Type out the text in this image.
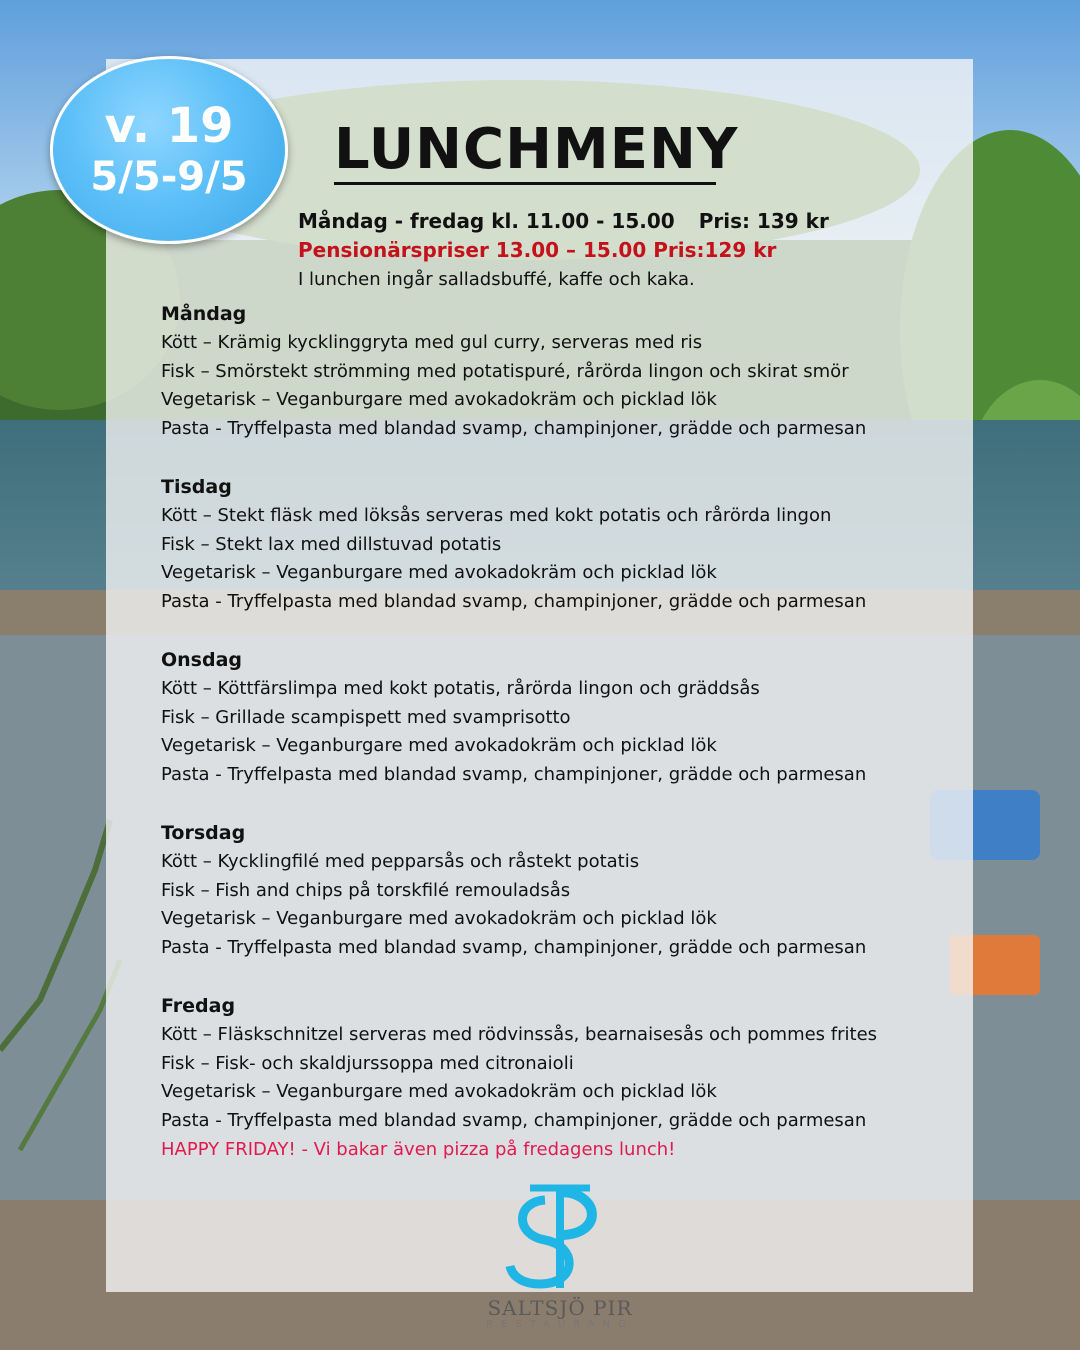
v. 19
5/5-9/5 LUNCHMENY
Måndag - fredag kl. 11.00 - 15.00 Pris: 139 kr
Pensionärspriser 13.00 – 15.00 Pris:129 kr
I lunchen ingår salladsbuffé, kaffe och kaka.
Måndag
Kött – Krämig kycklinggryta med gul curry, serveras med ris
Fisk – Smörstekt strömming med potatispuré, rårörda lingon och skirat smör
Vegetarisk – Veganburgare med avokadokräm och picklad lök
Pasta - Tryffelpasta med blandad svamp, champinjoner, grädde och parmesan
Tisdag
Kött – Stekt fläsk med löksås serveras med kokt potatis och rårörda lingon
Fisk – Stekt lax med dillstuvad potatis
Vegetarisk – Veganburgare med avokadokräm och picklad lök
Pasta - Tryffelpasta med blandad svamp, champinjoner, grädde och parmesan
Onsdag
Kött – Köttfärslimpa med kokt potatis, rårörda lingon och gräddsås
Fisk – Grillade scampispett med svamprisotto
Vegetarisk – Veganburgare med avokadokräm och picklad lök
Pasta - Tryffelpasta med blandad svamp, champinjoner, grädde och parmesan
Torsdag
Kött – Kycklingfilé med pepparsås och råstekt potatis
Fisk – Fish and chips på torskfilé remouladsås
Vegetarisk – Veganburgare med avokadokräm och picklad lök
Pasta - Tryffelpasta med blandad svamp, champinjoner, grädde och parmesan
Fredag
Kött – Fläskschnitzel serveras med rödvinssås, bearnaisesås och pommes frites
Fisk – Fisk- och skaldjurssoppa med citronaioli
Vegetarisk – Veganburgare med avokadokräm och picklad lök
Pasta - Tryffelpasta med blandad svamp, champinjoner, grädde och parmesan
HAPPY FRIDAY! - Vi bakar även pizza på fredagens lunch!
SALTSJÖ PIR
RESTAURANG
